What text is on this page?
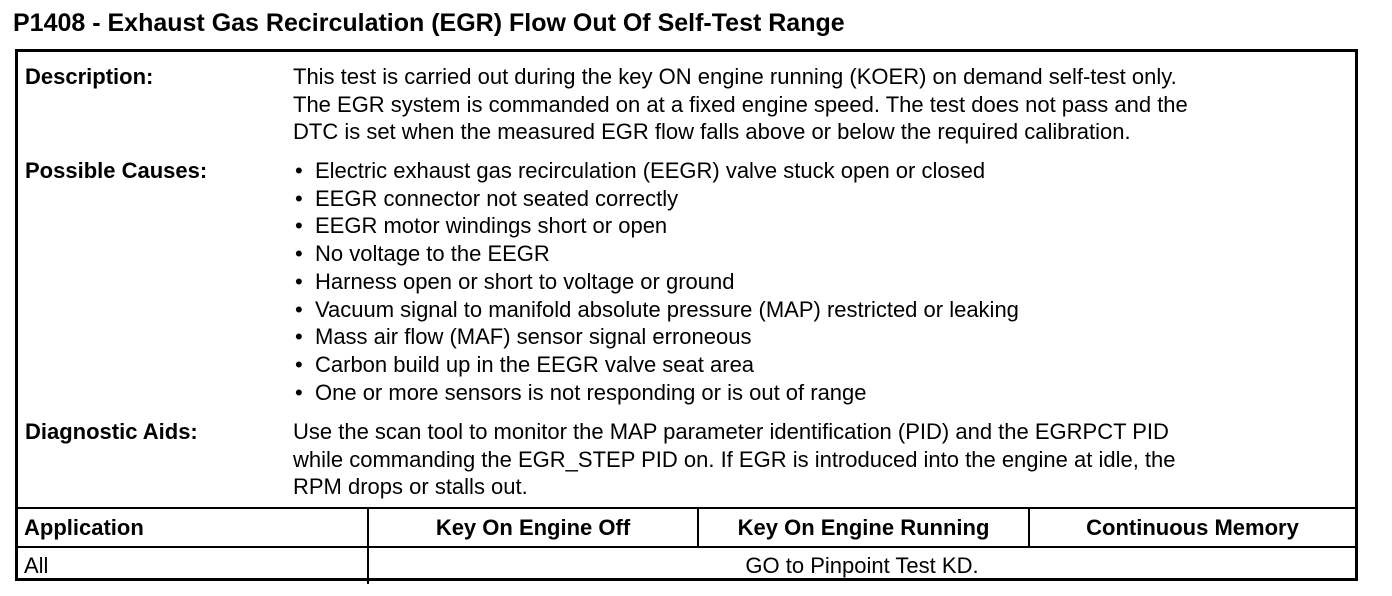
P1408 - Exhaust Gas Recirculation (EGR) Flow Out Of Self-Test Range
Description:	This test is carried out during the key ON engine running (KOER) on demand self-test only.
The EGR system is commanded on at a fixed engine speed. The test does not pass and the
DTC is set when the measured EGR flow falls above or below the required calibration.
Possible Causes:	• Electric exhaust gas recirculation (EEGR) valve stuck open or closed
• EEGR connector not seated correctly
• EEGR motor windings short or open
• No voltage to the EEGR
• Harness open or short to voltage or ground
• Vacuum signal to manifold absolute pressure (MAP) restricted or leaking
• Mass air flow (MAF) sensor signal erroneous
• Carbon build up in the EEGR valve seat area
• One or more sensors is not responding or is out of range
Diagnostic Aids:	Use the scan tool to monitor the MAP parameter identification (PID) and the EGRPCT PID
while commanding the EGR_STEP PID on. If EGR is introduced into the engine at idle, the
RPM drops or stalls out.
Application	Key On Engine Off	Key On Engine Running	Continuous Memory
All	GO to Pinpoint Test KD.		
